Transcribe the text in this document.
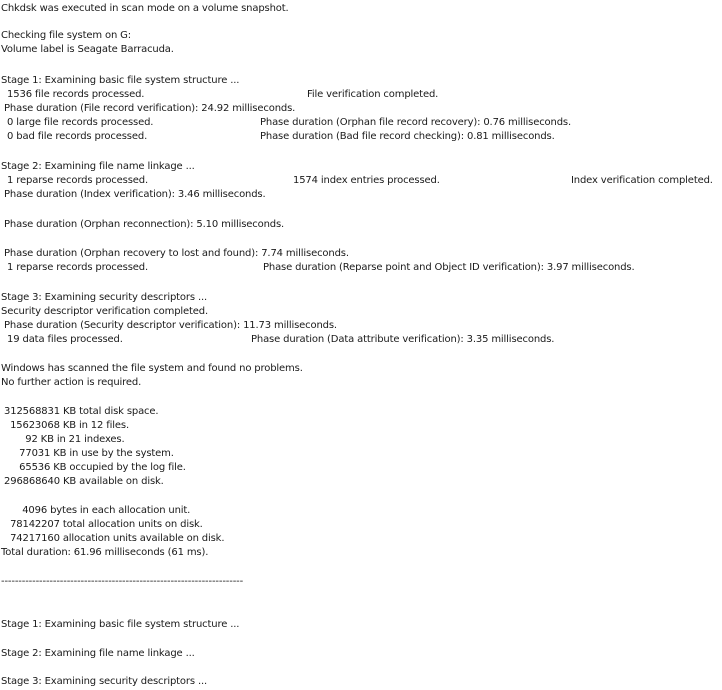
Chkdsk was executed in scan mode on a volume snapshot.
Checking file system on G:
Volume label is Seagate Barracuda.
Stage 1: Examining basic file system structure ...
1536 file records processed.	File verification completed.
Phase duration (File record verification): 24.92 milliseconds.
0 large file records processed.	Phase duration (Orphan file record recovery): 0.76 milliseconds.
0 bad file records processed.	Phase duration (Bad file record checking): 0.81 milliseconds.
Stage 2: Examining file name linkage ...
1 reparse records processed.	1574 index entries processed.	Index verification completed.
Phase duration (Index verification): 3.46 milliseconds.
Phase duration (Orphan reconnection): 5.10 milliseconds.
Phase duration (Orphan recovery to lost and found): 7.74 milliseconds.
1 reparse records processed.	Phase duration (Reparse point and Object ID verification): 3.97 milliseconds.
Stage 3: Examining security descriptors ...
Security descriptor verification completed.
Phase duration (Security descriptor verification): 11.73 milliseconds.
19 data files processed.	Phase duration (Data attribute verification): 3.35 milliseconds.
Windows has scanned the file system and found no problems.
No further action is required.
312568831 KB total disk space.
15623068 KB in 12 files.
92 KB in 21 indexes.
77031 KB in use by the system.
65536 KB occupied by the log file.
296868640 KB available on disk.
4096 bytes in each allocation unit.
78142207 total allocation units on disk.
74217160 allocation units available on disk.
Total duration: 61.96 milliseconds (61 ms).
----------------------------------------------------------------------
Stage 1: Examining basic file system structure ...
Stage 2: Examining file name linkage ...
Stage 3: Examining security descriptors ...
